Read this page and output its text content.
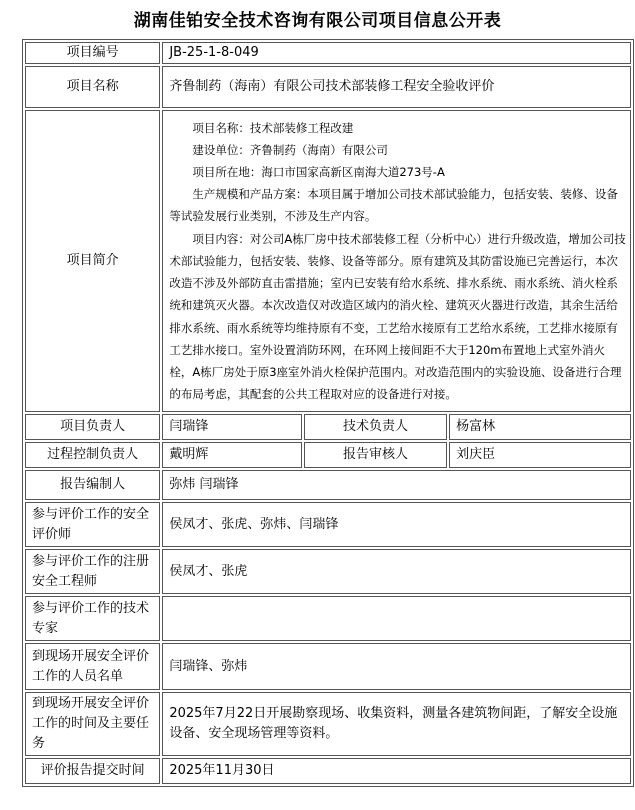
湖南佳铂安全技术咨询有限公司项目信息公开表
项目编号	JB-25-1-8-049		
项目名称	齐鲁制药（海南）有限公司技术部装修工程安全验收评价		
项目简介	项目名称：技术部装修工程改建

建设单位：齐鲁制药（海南）有限公司

项目所在地：海口市国家高新区南海大道273号-A

生产规模和产品方案：本项目属于增加公司技术部试验能力，包括安装、装修、设备等试验发展行业类别，不涉及生产内容。

项目内容：对公司A栋厂房中技术部装修工程（分析中心）进行升级改造，增加公司技术部试验能力，包括安装、装修、设备等部分。原有建筑及其防雷设施已完善运行，本次改造不涉及外部防直击雷措施；室内已安装有给水系统、排水系统、雨水系统、消火栓系统和建筑灭火器。本次改造仅对改造区域内的消火栓、建筑灭火器进行改造，其余生活给排水系统、雨水系统等均维持原有不变，工艺给水接原有工艺给水系统，工艺排水接原有工艺排水接口。室外设置消防环网，在环网上接间距不大于120m布置地上式室外消火栓，A栋厂房处于原3座室外消火栓保护范围内。对改造范围内的实验设施、设备进行合理的布局考虑，其配套的公共工程取对应的设备进行对接。		

项目负责人	闫瑞锋	技术负责人	杨富林
过程控制负责人	戴明辉	报告审核人	刘庆臣
报告编制人	弥炜 闫瑞锋		
参与评价工作的安全评价师	侯凤才、张虎、弥炜、闫瑞锋		
参与评价工作的注册安全工程师	侯凤才、张虎		
参与评价工作的技术专家			
到现场开展安全评价工作的人员名单	闫瑞锋、弥炜		
到现场开展安全评价工作的时间及主要任务	2025年7月22日开展勘察现场、收集资料，测量各建筑物间距，了解安全设施设备、安全现场管理等资料。		
评价报告提交时间	2025年11月30日		
